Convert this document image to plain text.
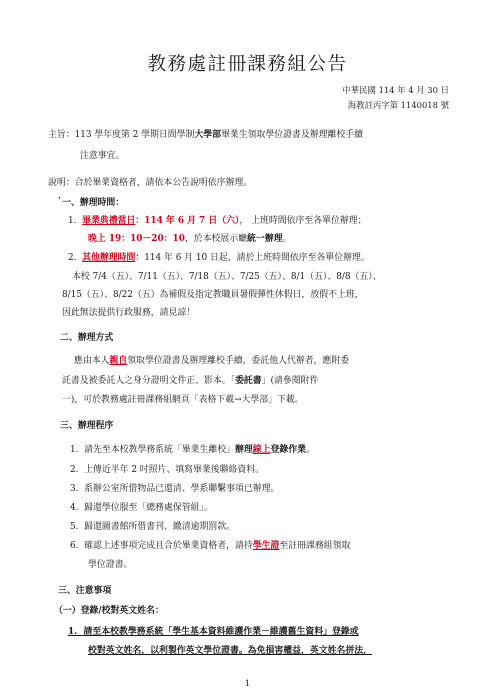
教務處註冊課務組公告
中華民國 114 年 4 月 30 日
海教註丙字第 1140018 號
主旨：113 學年度第 2 學期日間學制大學部畢業生領取學位證書及辦理離校手續
注意事宜。
說明：合於畢業資格者，請依本公告說明依序辦理。
‧ 一、辦理時間：
1. 畢業典禮當日：114 年 6 月 7 日（六）， 上班時間依序至各單位辦理；
晚上 19：10－20：10，於本校展示廳統一辦理。
2. 其他辦理時間：114 年 6 月 10 日起，請於上班時間依序至各單位辦理。
本校 7/4（五）、7/11（五）、7/18（五）、7/25（五）、8/1（五）、8/8（五）、
8/15（五）、8/22（五）為補假及指定教職員暑假彈性休假日，放假不上班，
因此無法提供行政服務，請見諒！
二、辦理方式
應由本人親自領取學位證書及辦理離校手續，委託他人代辦者，應附委
託書及被委託人之身分證明文件正、影本。「委託書」(請參閱附件
一)，可於教務處註冊課務組網頁「表格下載→大學部」下載。
三、辦理程序
1. 請先至本校教學務系統「畢業生離校」辦理線上登錄作業。
2. 上傳近半年 2 吋照片、填寫畢業後聯絡資料。
3. 系辦公室所借物品已還清、學系聯繫事項已辦理。
4. 歸還學位服至「總務處保管組」。
5. 歸還圖書館所借書刊、繳清逾期罰款。
6. 確認上述事項完成且合於畢業資格者，請持學生證至註冊課務組領取
學位證書。
三、注意事項
（一）登錄/校對英文姓名：
1. 請至本校教學務系統「學生基本資料維護作業－維護舊生資料」登錄或
校對英文姓名，以利製作英文學位證書。為免損害權益，英文姓名拼法，
1
